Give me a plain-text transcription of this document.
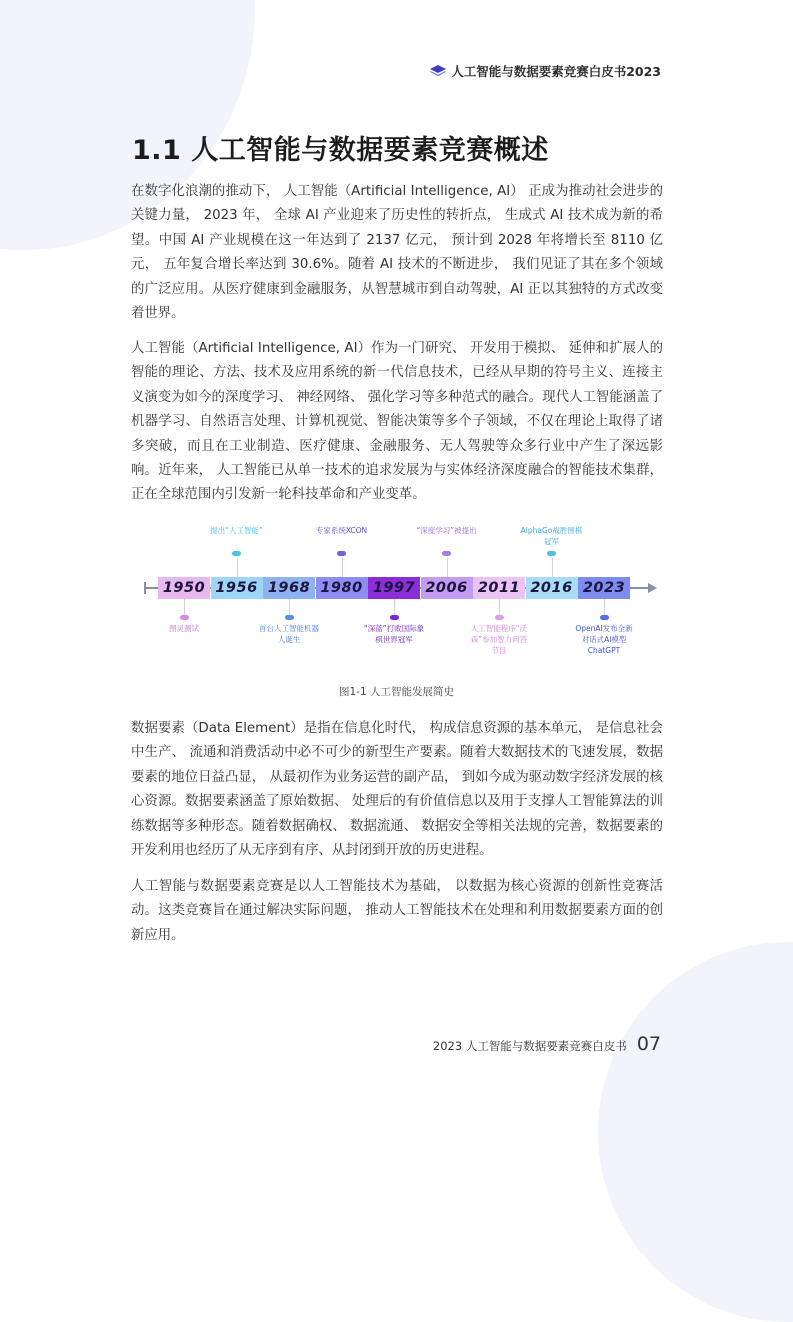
人工智能与数据要素竞赛白皮书2023
1.1 人工智能与数据要素竞赛概述

在数字化浪潮的推动下， 人工智能（Artificial Intelligence, AI） 正成为推动社会进步的关键力量， 2023 年， 全球 AI 产业迎来了历史性的转折点， 生成式 AI 技术成为新的希望。中国 AI 产业规模在这一年达到了 2137 亿元， 预计到 2028 年将增长至 8110 亿元， 五年复合增长率达到 30.6%。随着 AI 技术的不断进步， 我们见证了其在多个领域的广泛应用。从医疗健康到金融服务，从智慧城市到自动驾驶，AI 正以其独特的方式改变着世界。

人工智能（Artificial Intelligence, AI）作为一门研究、 开发用于模拟、 延伸和扩展人的智能的理论、方法、技术及应用系统的新一代信息技术，已经从早期的符号主义、连接主义演变为如今的深度学习、 神经网络、 强化学习等多种范式的融合。现代人工智能涵盖了机器学习、自然语言处理、计算机视觉、智能决策等多个子领域，不仅在理论上取得了诸多突破，而且在工业制造、医疗健康、金融服务、无人驾驶等众多行业中产生了深远影响。近年来， 人工智能已从单一技术的追求发展为与实体经济深度融合的智能技术集群，正在全球范围内引发新一轮科技革命和产业变革。

1950
图灵测试
1956
提出“人工智能”
1968
首台人工智能机器人诞生
1980
专家系统XCON
1997
“深蓝”打败国际象棋世界冠军
2006
“深度学习”被提出
2011
人工智能程序“沃森”参加智力问答节目
2016
AlphaGo战胜围棋冠军
2023
OpenAI发布全新对话式AI模型ChatGPT

图1-1 人工智能发展简史

数据要素（Data Element）是指在信息化时代， 构成信息资源的基本单元， 是信息社会中生产、 流通和消费活动中必不可少的新型生产要素。随着大数据技术的飞速发展，数据要素的地位日益凸显， 从最初作为业务运营的副产品， 到如今成为驱动数字经济发展的核心资源。数据要素涵盖了原始数据、 处理后的有价值信息以及用于支撑人工智能算法的训练数据等多种形态。随着数据确权、 数据流通、 数据安全等相关法规的完善，数据要素的开发利用也经历了从无序到有序、从封闭到开放的历史进程。

人工智能与数据要素竞赛是以人工智能技术为基础， 以数据为核心资源的创新性竞赛活动。这类竞赛旨在通过解决实际问题， 推动人工智能技术在处理和利用数据要素方面的创新应用。

2023 人工智能与数据要素竞赛白皮书 07
